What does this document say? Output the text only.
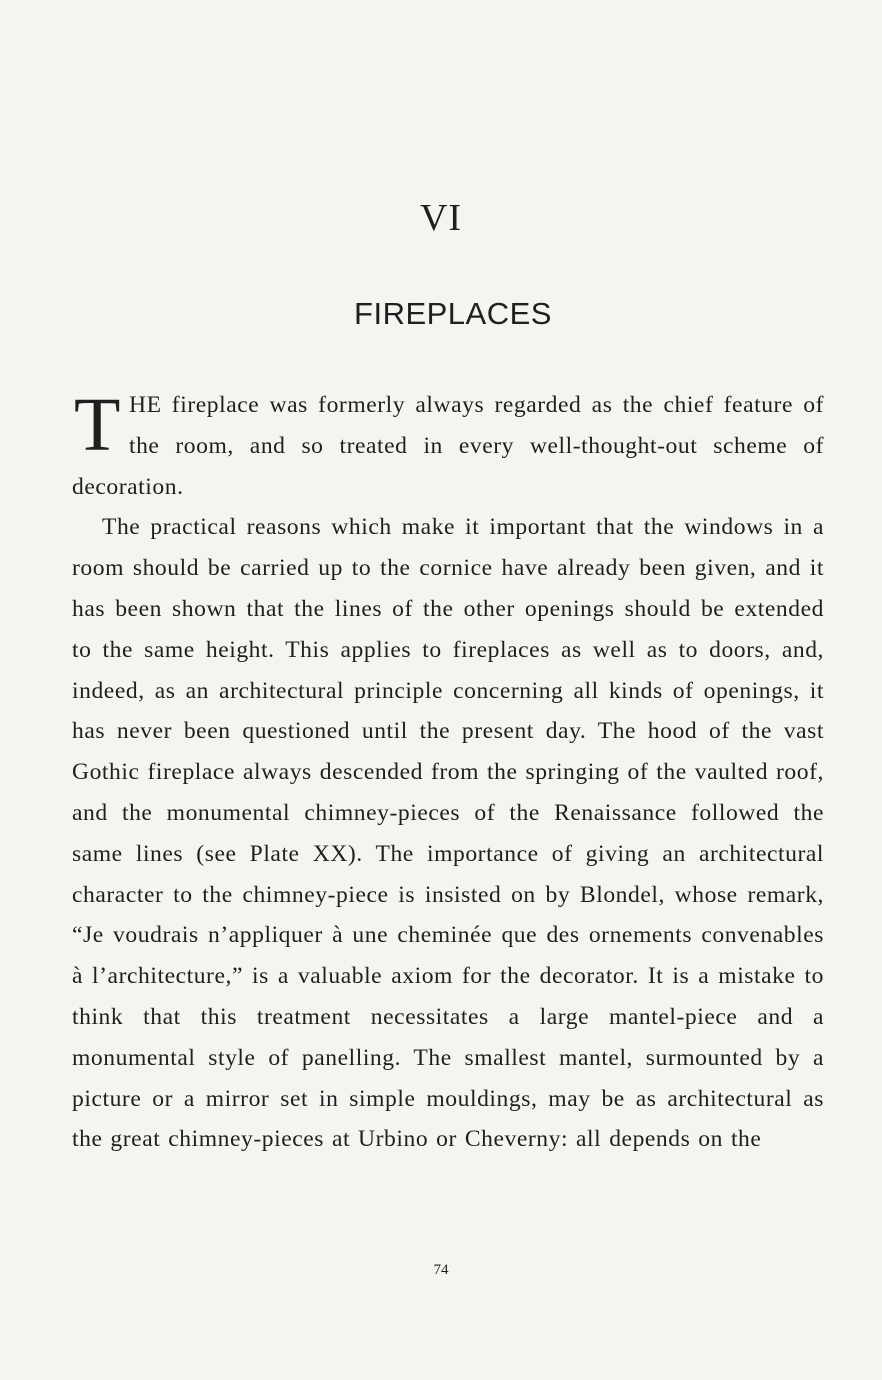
VI
FIREPLACES

THE fireplace was formerly always regarded as the chief feature of the room, and so treated in every well-thought-out scheme of decoration.

The practical reasons which make it important that the windows in a room should be carried up to the cornice have already been given, and it has been shown that the lines of the other openings should be extended to the same height. This applies to fireplaces as well as to doors, and, indeed, as an architectural principle concerning all kinds of openings, it has never been questioned until the present day. The hood of the vast Gothic fireplace always descended from the springing of the vaulted roof, and the monumental chimney-pieces of the Renaissance followed the same lines (see Plate XX). The importance of giving an architectural character to the chimney-piece is insisted on by Blondel, whose remark, “Je voudrais n’appliquer à une cheminée que des ornements convenables à l’architecture,” is a valuable axiom for the decorator. It is a mistake to think that this treatment necessitates a large mantel-piece and a monumental style of panelling. The smallest mantel, surmounted by a picture or a mirror set in simple mouldings, may be as architectural as the great chimney-pieces at Urbino or Cheverny: all depends on the

74
